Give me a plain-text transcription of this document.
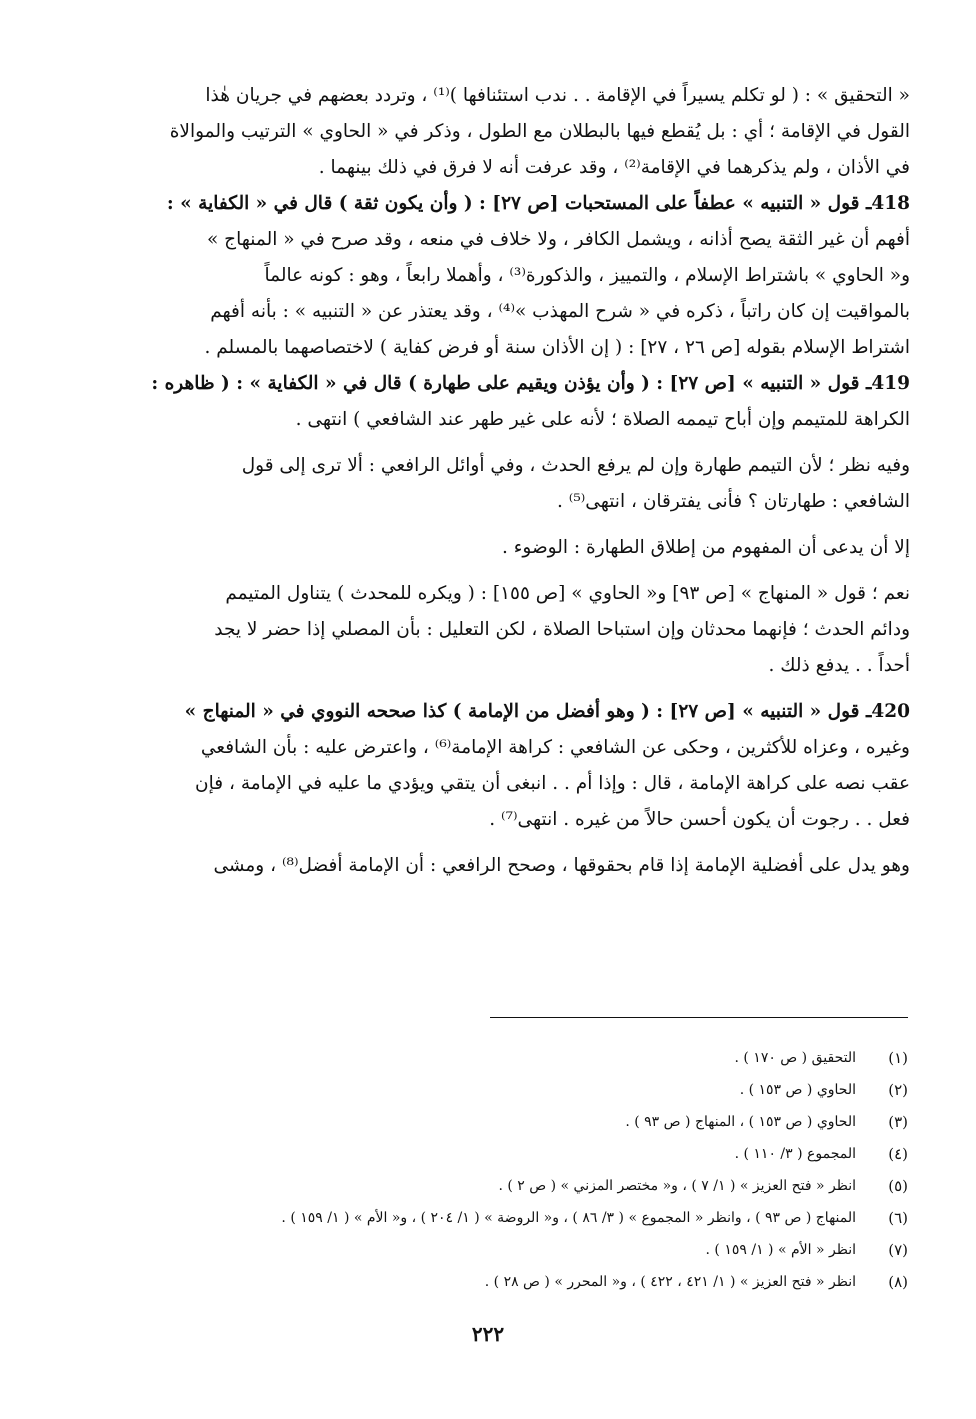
« التحقيق » : ( لو تكلم يسيراً في الإقامة . . ندب استئنافها )⁽¹⁾ ، وتردد بعضهم في جريان هٰذا
القول في الإقامة ؛ أي : بل يُقطع فيها بالبطلان مع الطول ، وذكر في « الحاوي » الترتيب والموالاة
في الأذان ، ولم يذكرهما في الإقامة⁽²⁾ ، وقد عرفت أنه لا فرق في ذلك بينهما .
418ـ قول « التنبيه » عطفاً على المستحبات [ص ٢٧] : ( وأن يكون ثقة ) قال في « الكفاية » :
أفهم أن غير الثقة يصح أذانه ، ويشمل الكافر ، ولا خلاف في منعه ، وقد صرح في « المنهاج »
و« الحاوي » باشتراط الإسلام ، والتمييز ، والذكورة⁽³⁾ ، وأهملا رابعاً ، وهو : كونه عالماً
بالمواقيت إن كان راتباً ، ذكره في « شرح المهذب »⁽⁴⁾ ، وقد يعتذر عن « التنبيه » : بأنه أفهم
اشتراط الإسلام بقوله [ص ٢٦ ، ٢٧] : ( إن الأذان سنة أو فرض كفاية ) لاختصاصهما بالمسلم .
419ـ قول « التنبيه » [ص ٢٧] : ( وأن يؤذن ويقيم على طهارة ) قال في « الكفاية » : ( ظاهره :
الكراهة للمتيمم وإن أباح تيممه الصلاة ؛ لأنه على غير طهر عند الشافعي ) انتهى .
وفيه نظر ؛ لأن التيمم طهارة وإن لم يرفع الحدث ، وفي أوائل الرافعي : ألا ترى إلى قول
الشافعي : طهارتان ؟ فأنى يفترقان ، انتهى⁽⁵⁾ .
إلا أن يدعى أن المفهوم من إطلاق الطهارة : الوضوء .
نعم ؛ قول « المنهاج » [ص ٩٣] و« الحاوي » [ص ١٥٥] : ( ويكره للمحدث ) يتناول المتيمم
ودائم الحدث ؛ فإنهما محدثان وإن استباحا الصلاة ، لكن التعليل : بأن المصلي إذا حضر لا يجد
أحداً . . يدفع ذلك .
420ـ قول « التنبيه » [ص ٢٧] : ( وهو أفضل من الإمامة ) كذا صححه النووي في « المنهاج »
وغيره ، وعزاه للأكثرين ، وحكى عن الشافعي : كراهة الإمامة⁽⁶⁾ ، واعترض عليه : بأن الشافعي
عقب نصه على كراهة الإمامة ، قال : وإذا أم . . انبغى أن يتقي ويؤدي ما عليه في الإمامة ، فإن
فعل . . رجوت أن يكون أحسن حالاً من غيره . انتهى⁽⁷⁾ .
وهو يدل على أفضلية الإمامة إذا قام بحقوقها ، وصحح الرافعي : أن الإمامة أفضل⁽⁸⁾ ، ومشى
(١)
التحقيق ( ص ١٧٠ ) .
(٢)
الحاوي ( ص ١٥٣ ) .
(٣)
الحاوي ( ص ١٥٣ ) ، المنهاج ( ص ٩٣ ) .
(٤)
المجموع ( ٣/ ١١٠ ) .
(٥)
انظر « فتح العزيز » ( ١/ ٧ ) ، و« مختصر المزني » ( ص ٢ ) .
(٦)
المنهاج ( ص ٩٣ ) ، وانظر « المجموع » ( ٣/ ٨٦ ) ، و« الروضة » ( ١/ ٢٠٤ ) ، و« الأم » ( ١/ ١٥٩ ) .
(٧)
انظر « الأم » ( ١/ ١٥٩ ) .
(٨)
انظر « فتح العزيز » ( ١/ ٤٢١ ، ٤٢٢ ) ، و« المحرر » ( ص ٢٨ ) .
٢٢٢
